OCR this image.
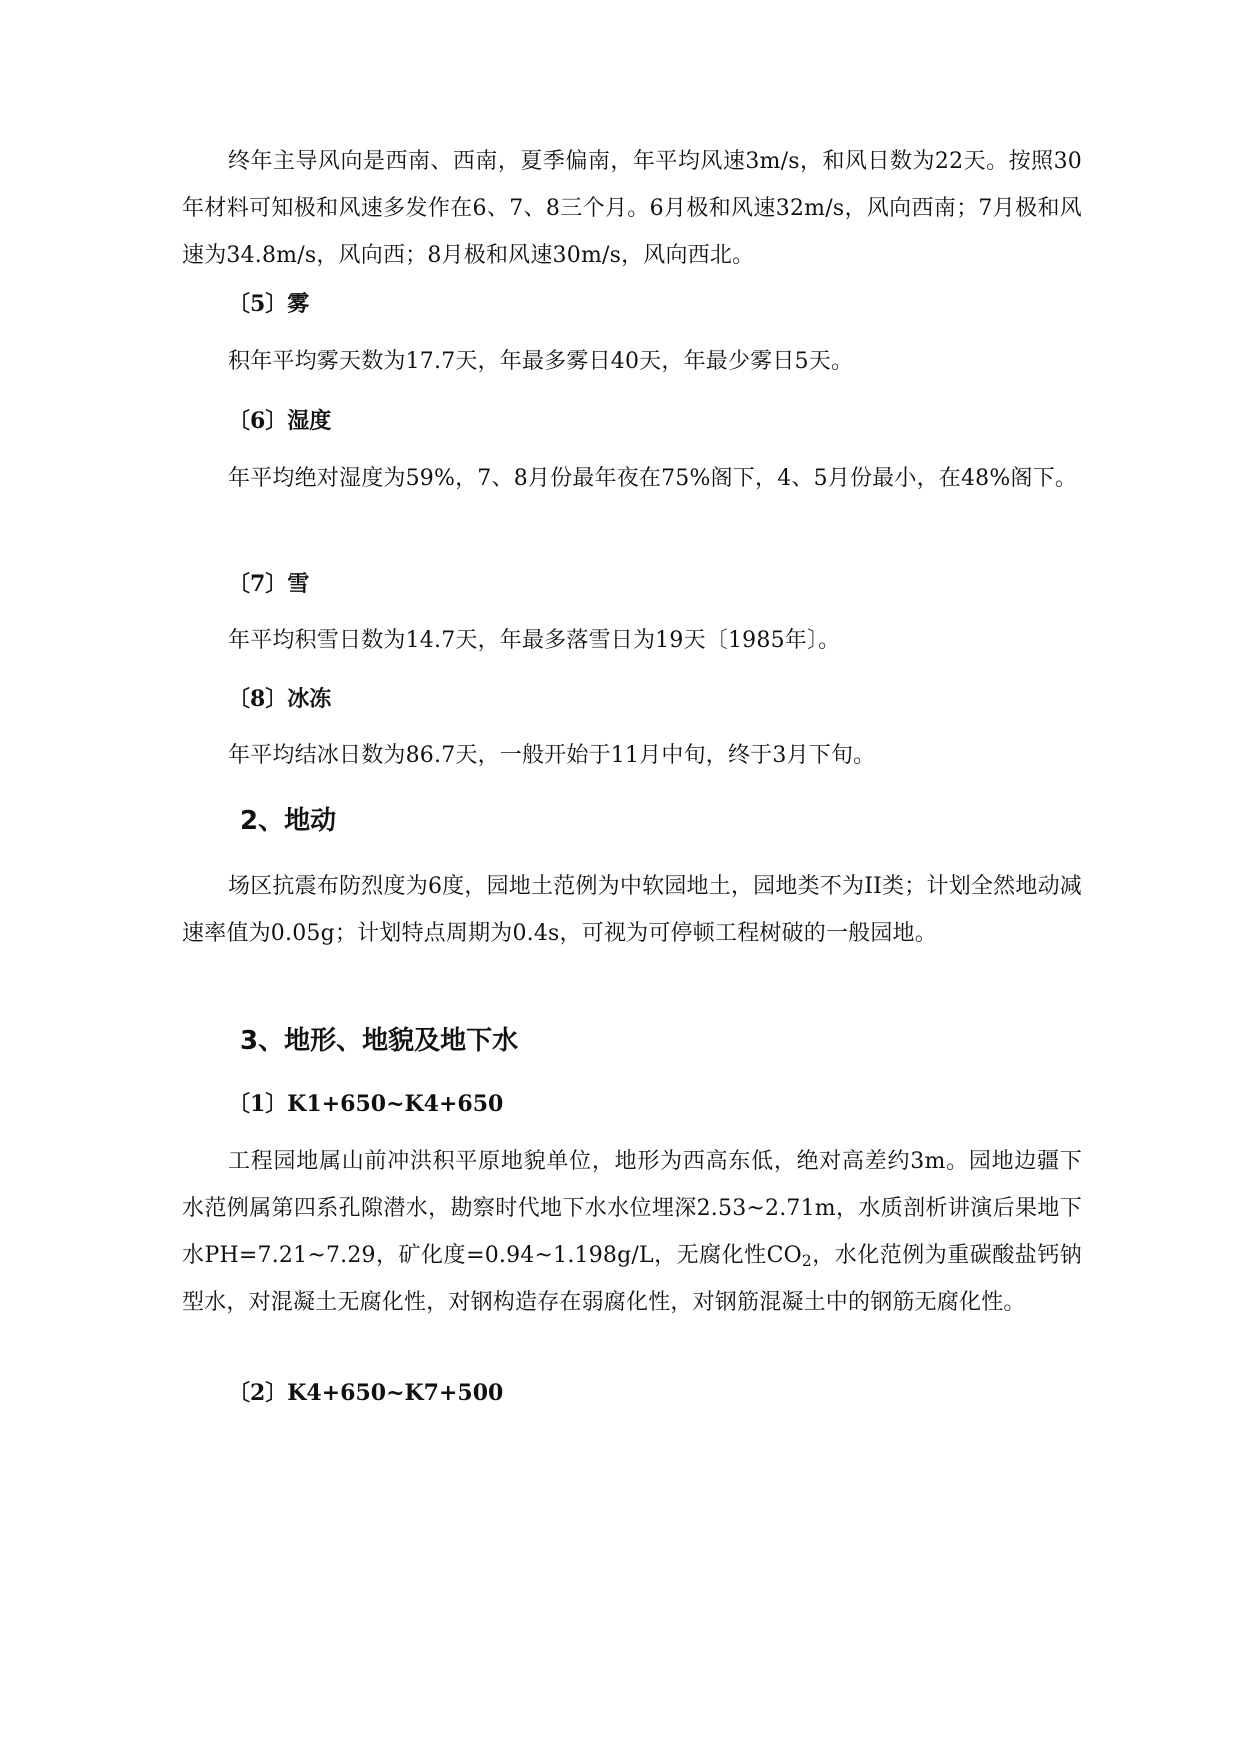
终年主导风向是西南、西南，夏季偏南，年平均风速3m/s，和风日数为22天。按照30年材料可知极和风速多发作在6、7、8三个月。6月极和风速32m/s，风向西南；7月极和风速为34.8m/s，风向西；8月极和风速30m/s，风向西北。

〔5〕雾

积年平均雾天数为17.7天，年最多雾日40天，年最少雾日5天。

〔6〕湿度

年平均绝对湿度为59%，7、8月份最年夜在75%阁下，4、5月份最小，在48%阁下。

〔7〕雪

年平均积雪日数为14.7天，年最多落雪日为19天〔1985年〕。

〔8〕冰冻

年平均结冰日数为86.7天，一般开始于11月中旬，终于3月下旬。

2、地动

场区抗震布防烈度为6度，园地土范例为中软园地土，园地类不为II类；计划全然地动减速率值为0.05g；计划特点周期为0.4s，可视为可停顿工程树破的一般园地。

3、地形、地貌及地下水
〔1〕K1+650~K4+650

工程园地属山前冲洪积平原地貌单位，地形为西高东低，绝对高差约3m。园地边疆下水范例属第四系孔隙潜水，勘察时代地下水水位埋深2.53~2.71m，水质剖析讲演后果地下水PH=7.21~7.29，矿化度=0.94~1.198g/L，无腐化性$CO_2$，水化范例为重碳酸盐钙钠型水，对混凝土无腐化性，对钢构造存在弱腐化性，对钢筋混凝土中的钢筋无腐化性。

〔2〕K4+650~K7+500
